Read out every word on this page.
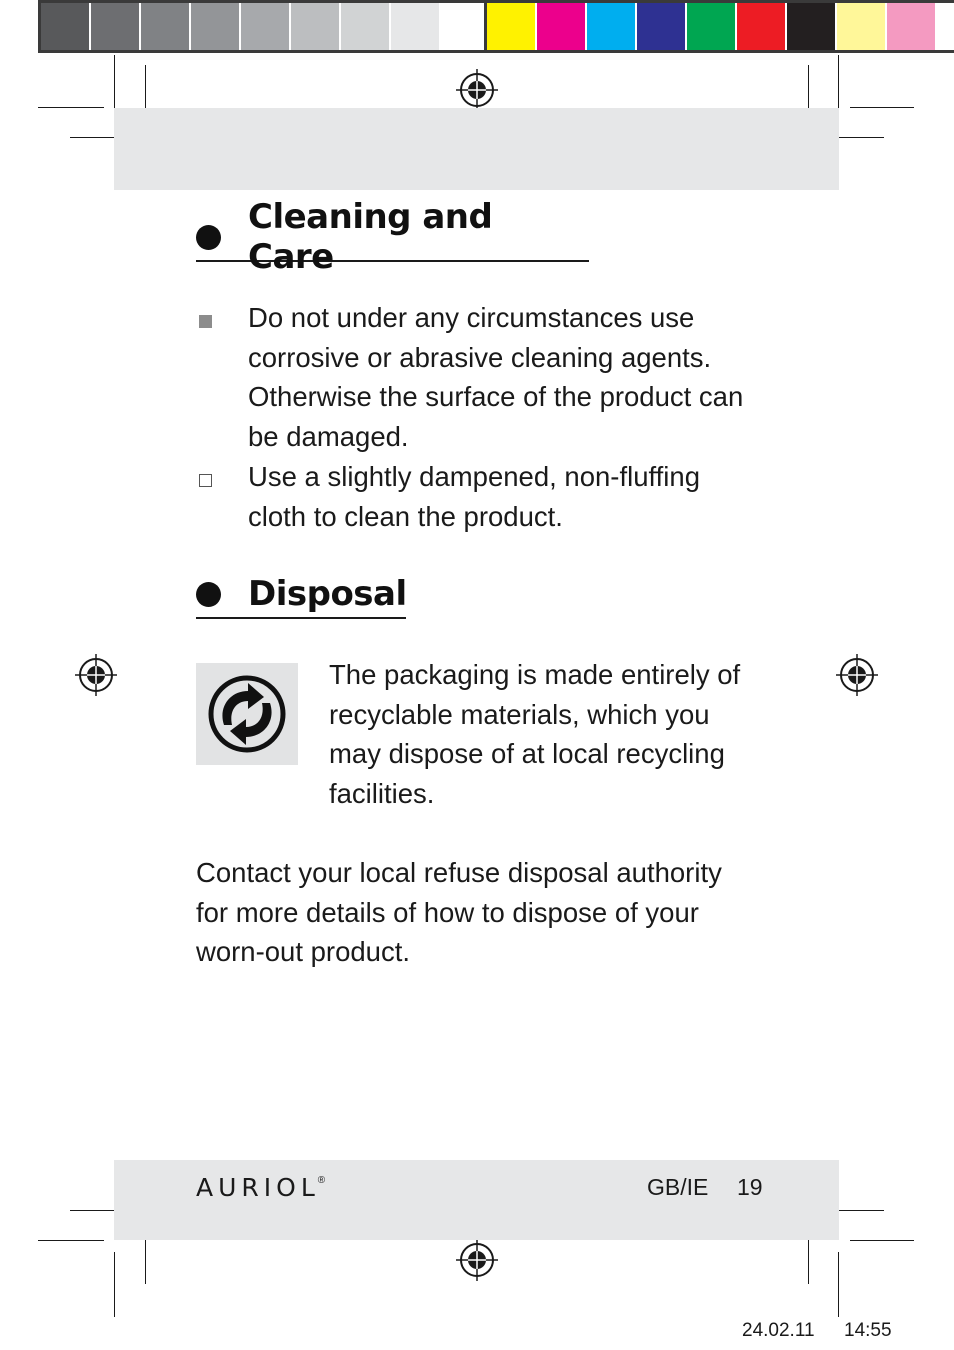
Cleaning and Care
Do not under any circumstances use
corrosive or abrasive cleaning agents.
Otherwise the surface of the product can
be damaged.
Use a slightly dampened, non-fluffing
cloth to clean the product.
Disposal
The packaging is made entirely of
recyclable materials, which you
may dispose of at local recycling
facilities.
Contact your local refuse disposal authority
for more details of how to dispose of your
worn-out product.
AURIOL
®	GB/IE 19
24.02.11 14:55
